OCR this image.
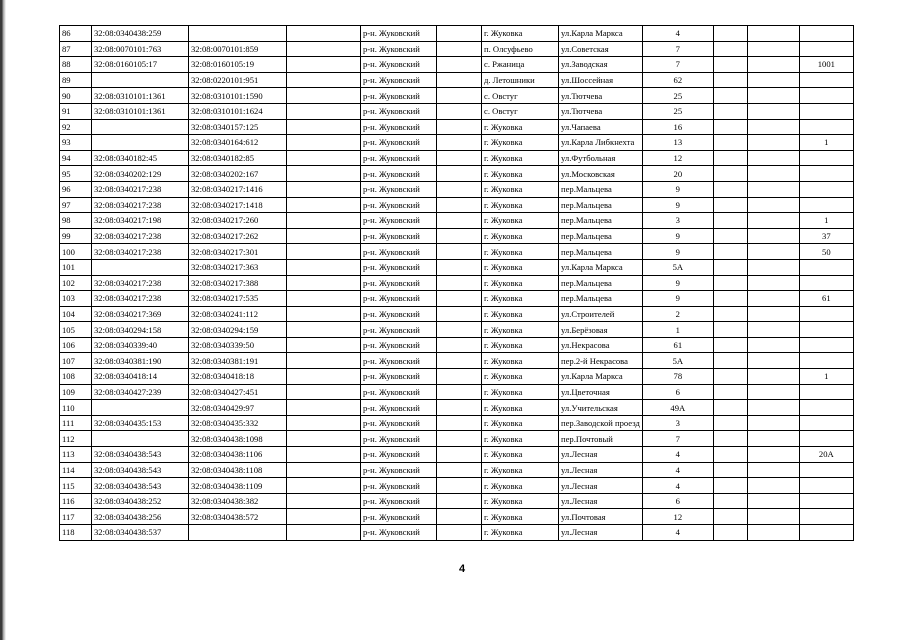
86	32:08:0340438:259			р-н. Жуковский		г. Жуковка	ул.Карла Маркса	4			
87	32:08:0070101:763	32:08:0070101:859		р-н. Жуковский		п. Олсуфьево	ул.Советская	7			
88	32:08:0160105:17	32:08:0160105:19		р-н. Жуковский		с. Ржаница	ул.Заводская	7			1001
89		32:08:0220101:951		р-н. Жуковский		д. Летошники	ул.Шоссейная	62			
90	32:08:0310101:1361	32:08:0310101:1590		р-н. Жуковский		с. Овстуг	ул.Тютчева	25			
91	32:08:0310101:1361	32:08:0310101:1624		р-н. Жуковский		с. Овстуг	ул.Тютчева	25			
92		32:08:0340157:125		р-н. Жуковский		г. Жуковка	ул.Чапаева	16			
93		32:08:0340164:612		р-н. Жуковский		г. Жуковка	ул.Карла Либкнехта	13			1
94	32:08:0340182:45	32:08:0340182:85		р-н. Жуковский		г. Жуковка	ул.Футбольная	12			
95	32:08:0340202:129	32:08:0340202:167		р-н. Жуковский		г. Жуковка	ул.Московская	20			
96	32:08:0340217:238	32:08:0340217:1416		р-н. Жуковский		г. Жуковка	пер.Мальцева	9			
97	32:08:0340217:238	32:08:0340217:1418		р-н. Жуковский		г. Жуковка	пер.Мальцева	9			
98	32:08:0340217:198	32:08:0340217:260		р-н. Жуковский		г. Жуковка	пер.Мальцева	3			1
99	32:08:0340217:238	32:08:0340217:262		р-н. Жуковский		г. Жуковка	пер.Мальцева	9			37
100	32:08:0340217:238	32:08:0340217:301		р-н. Жуковский		г. Жуковка	пер.Мальцева	9			50
101		32:08:0340217:363		р-н. Жуковский		г. Жуковка	ул.Карла Маркса	5А			
102	32:08:0340217:238	32:08:0340217:388		р-н. Жуковский		г. Жуковка	пер.Мальцева	9			
103	32:08:0340217:238	32:08:0340217:535		р-н. Жуковский		г. Жуковка	пер.Мальцева	9			61
104	32:08:0340217:369	32:08:0340241:112		р-н. Жуковский		г. Жуковка	ул.Строителей	2			
105	32:08:0340294:158	32:08:0340294:159		р-н. Жуковский		г. Жуковка	ул.Берёзовая	1			
106	32:08:0340339:40	32:08:0340339:50		р-н. Жуковский		г. Жуковка	ул.Некрасова	61			
107	32:08:0340381:190	32:08:0340381:191		р-н. Жуковский		г. Жуковка	пер.2-й Некрасова	5А			
108	32:08:0340418:14	32:08:0340418:18		р-н. Жуковский		г. Жуковка	ул.Карла Маркса	78			1
109	32:08:0340427:239	32:08:0340427:451		р-н. Жуковский		г. Жуковка	ул.Цветочная	6			
110		32:08:0340429:97		р-н. Жуковский		г. Жуковка	ул.Учительская	49А			
111	32:08:0340435:153	32:08:0340435:332		р-н. Жуковский		г. Жуковка	пер.Заводской проезд	3			
112		32:08:0340438:1098		р-н. Жуковский		г. Жуковка	пер.Почтовый	7			
113	32:08:0340438:543	32:08:0340438:1106		р-н. Жуковский		г. Жуковка	ул.Лесная	4			20А
114	32:08:0340438:543	32:08:0340438:1108		р-н. Жуковский		г. Жуковка	ул.Лесная	4			
115	32:08:0340438:543	32:08:0340438:1109		р-н. Жуковский		г. Жуковка	ул.Лесная	4			
116	32:08:0340438:252	32:08:0340438:382		р-н. Жуковский		г. Жуковка	ул.Лесная	6			
117	32:08:0340438:256	32:08:0340438:572		р-н. Жуковский		г. Жуковка	ул.Почтовая	12			
118	32:08:0340438:537			р-н. Жуковский		г. Жуковка	ул.Лесная	4			
4
